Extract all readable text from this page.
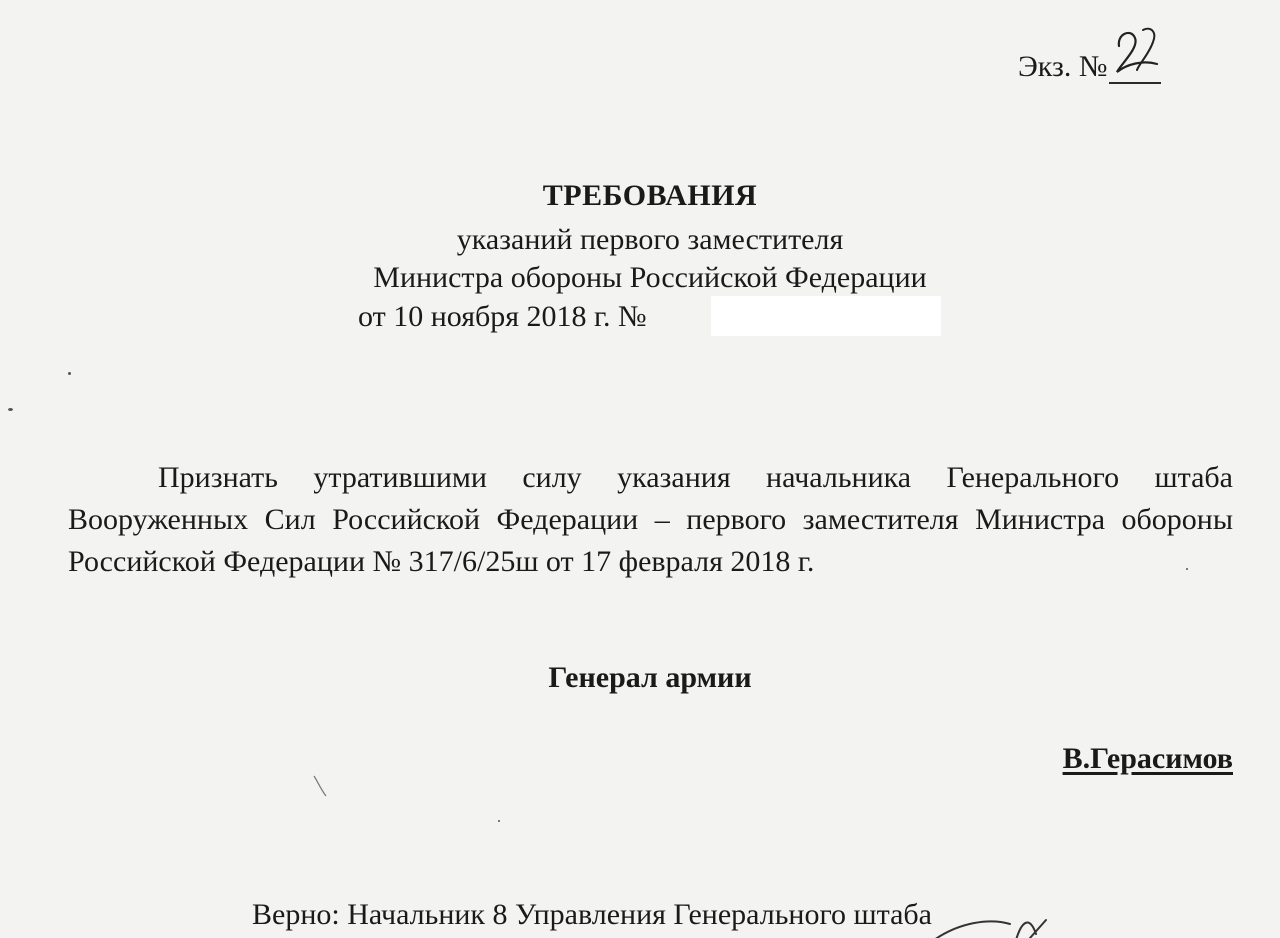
Экз. №
ТРЕБОВАНИЯ
указаний первого заместителя
Министра обороны Российской Федерации
от 10 ноября 2018 г. №
Признать утратившими силу указания начальника Генерального штаба Вооруженных Сил Российской Федерации – первого заместителя Министра обороны Российской Федерации № 317/6/25ш от 17 февраля 2018 г.
Генерал армии
В.Герасимов
Верно: Начальник 8 Управления Генерального штаба
